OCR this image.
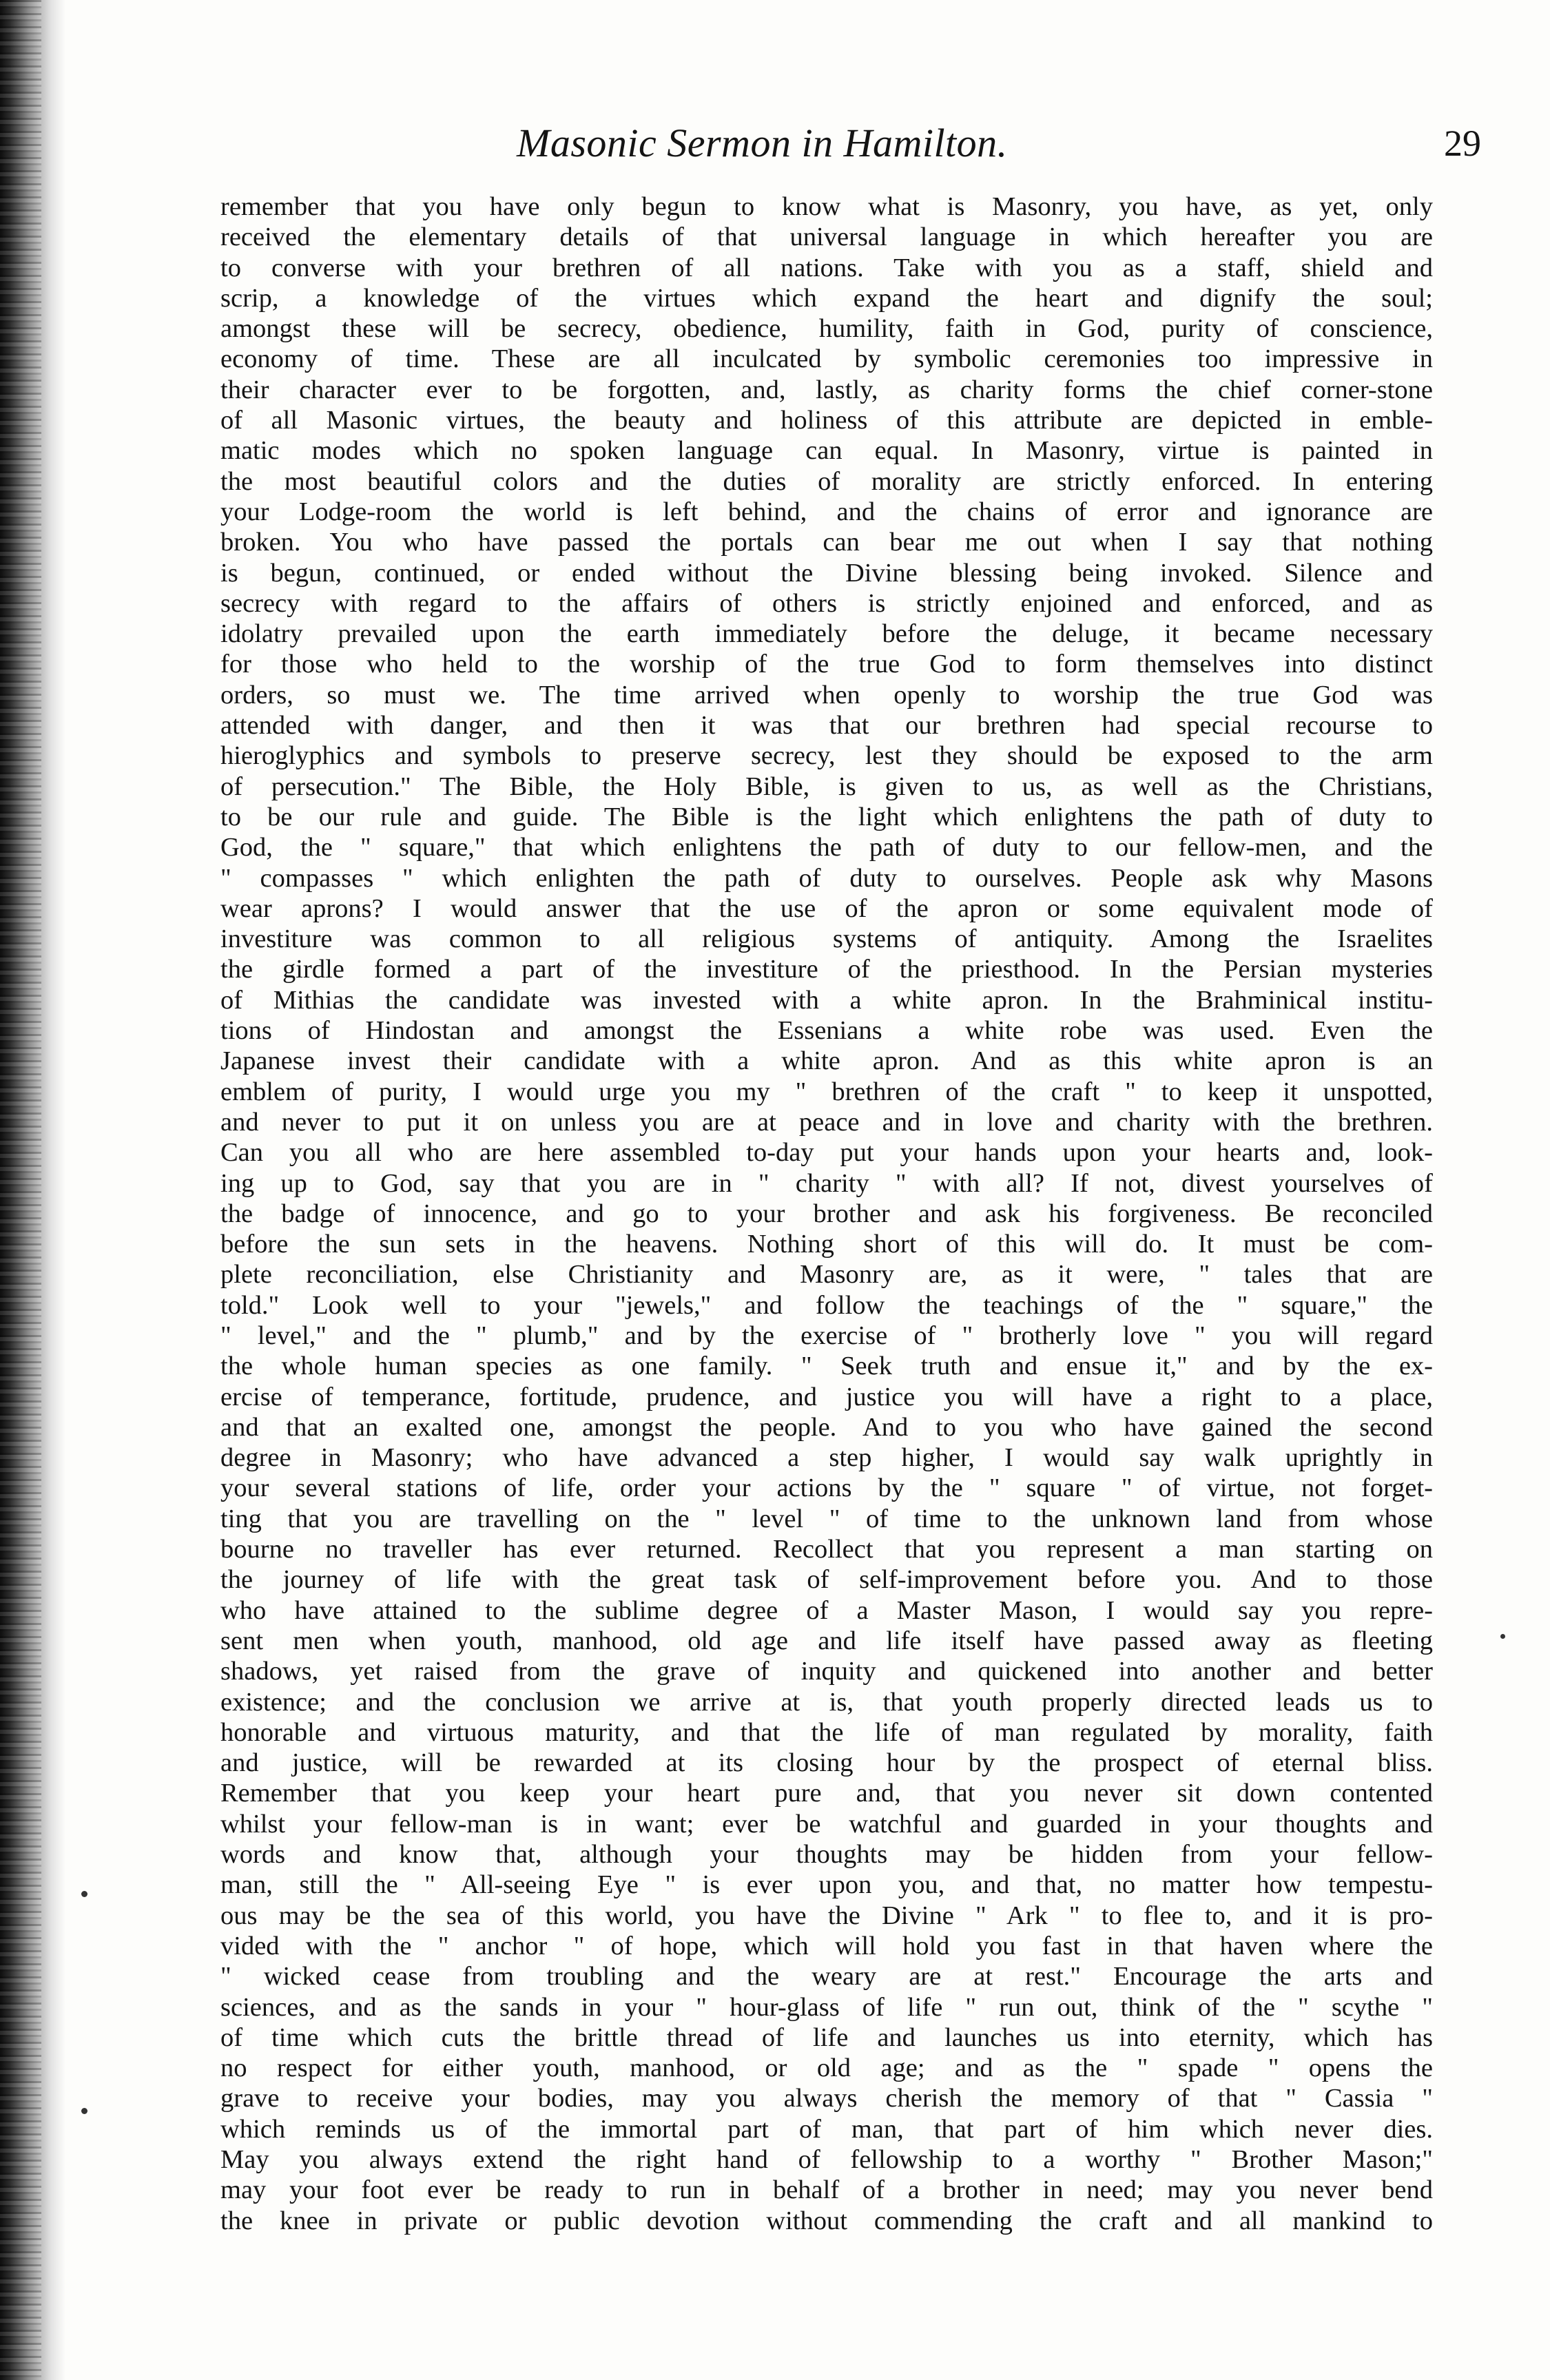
Masonic Sermon in Hamilton.	29
remember that you have only begun to know what is Masonry, you have, as yet, only
received the elementary details of that universal language in which hereafter you are
to converse with your brethren of all nations. Take with you as a staff, shield and
scrip, a knowledge of the virtues which expand the heart and dignify the soul;
amongst these will be secrecy, obedience, humility, faith in God, purity of conscience,
economy of time. These are all inculcated by symbolic ceremonies too impressive in
their character ever to be forgotten, and, lastly, as charity forms the chief corner-stone
of all Masonic virtues, the beauty and holiness of this attribute are depicted in emble-
matic modes which no spoken language can equal. In Masonry, virtue is painted in
the most beautiful colors and the duties of morality are strictly enforced. In entering
your Lodge-room the world is left behind, and the chains of error and ignorance are
broken. You who have passed the portals can bear me out when I say that nothing
is begun, continued, or ended without the Divine blessing being invoked. Silence and
secrecy with regard to the affairs of others is strictly enjoined and enforced, and as
idolatry prevailed upon the earth immediately before the deluge, it became necessary
for those who held to the worship of the true God to form themselves into distinct
orders, so must we. The time arrived when openly to worship the true God was
attended with danger, and then it was that our brethren had special recourse to
hieroglyphics and symbols to preserve secrecy, lest they should be exposed to the arm
of persecution." The Bible, the Holy Bible, is given to us, as well as the Christians,
to be our rule and guide. The Bible is the light which enlightens the path of duty to
God, the " square," that which enlightens the path of duty to our fellow-men, and the
" compasses " which enlighten the path of duty to ourselves. People ask why Masons
wear aprons? I would answer that the use of the apron or some equivalent mode of
investiture was common to all religious systems of antiquity. Among the Israelites
the girdle formed a part of the investiture of the priesthood. In the Persian mysteries
of Mithias the candidate was invested with a white apron. In the Brahminical institu-
tions of Hindostan and amongst the Essenians a white robe was used. Even the
Japanese invest their candidate with a white apron. And as this white apron is an
emblem of purity, I would urge you my " brethren of the craft " to keep it unspotted,
and never to put it on unless you are at peace and in love and charity with the brethren.
Can you all who are here assembled to-day put your hands upon your hearts and, look-
ing up to God, say that you are in " charity " with all? If not, divest yourselves of
the badge of innocence, and go to your brother and ask his forgiveness. Be reconciled
before the sun sets in the heavens. Nothing short of this will do. It must be com-
plete reconciliation, else Christianity and Masonry are, as it were, " tales that are
told." Look well to your "jewels," and follow the teachings of the " square," the
" level," and the " plumb," and by the exercise of " brotherly love " you will regard
the whole human species as one family. " Seek truth and ensue it," and by the ex-
ercise of temperance, fortitude, prudence, and justice you will have a right to a place,
and that an exalted one, amongst the people. And to you who have gained the second
degree in Masonry; who have advanced a step higher, I would say walk uprightly in
your several stations of life, order your actions by the " square " of virtue, not forget-
ting that you are travelling on the " level " of time to the unknown land from whose
bourne no traveller has ever returned. Recollect that you represent a man starting on
the journey of life with the great task of self-improvement before you. And to those
who have attained to the sublime degree of a Master Mason, I would say you repre-
sent men when youth, manhood, old age and life itself have passed away as fleeting
shadows, yet raised from the grave of inquity and quickened into another and better
existence; and the conclusion we arrive at is, that youth properly directed leads us to
honorable and virtuous maturity, and that the life of man regulated by morality, faith
and justice, will be rewarded at its closing hour by the prospect of eternal bliss.
Remember that you keep your heart pure and, that you never sit down contented
whilst your fellow-man is in want; ever be watchful and guarded in your thoughts and
words and know that, although your thoughts may be hidden from your fellow-
man, still the " All-seeing Eye " is ever upon you, and that, no matter how tempestu-
ous may be the sea of this world, you have the Divine " Ark " to flee to, and it is pro-
vided with the " anchor " of hope, which will hold you fast in that haven where the
" wicked cease from troubling and the weary are at rest." Encourage the arts and
sciences, and as the sands in your " hour-glass of life " run out, think of the " scythe "
of time which cuts the brittle thread of life and launches us into eternity, which has
no respect for either youth, manhood, or old age; and as the " spade " opens the
grave to receive your bodies, may you always cherish the memory of that " Cassia "
which reminds us of the immortal part of man, that part of him which never dies.
May you always extend the right hand of fellowship to a worthy " Brother Mason;"
may your foot ever be ready to run in behalf of a brother in need; may you never bend
the knee in private or public devotion without commending the craft and all mankind to
